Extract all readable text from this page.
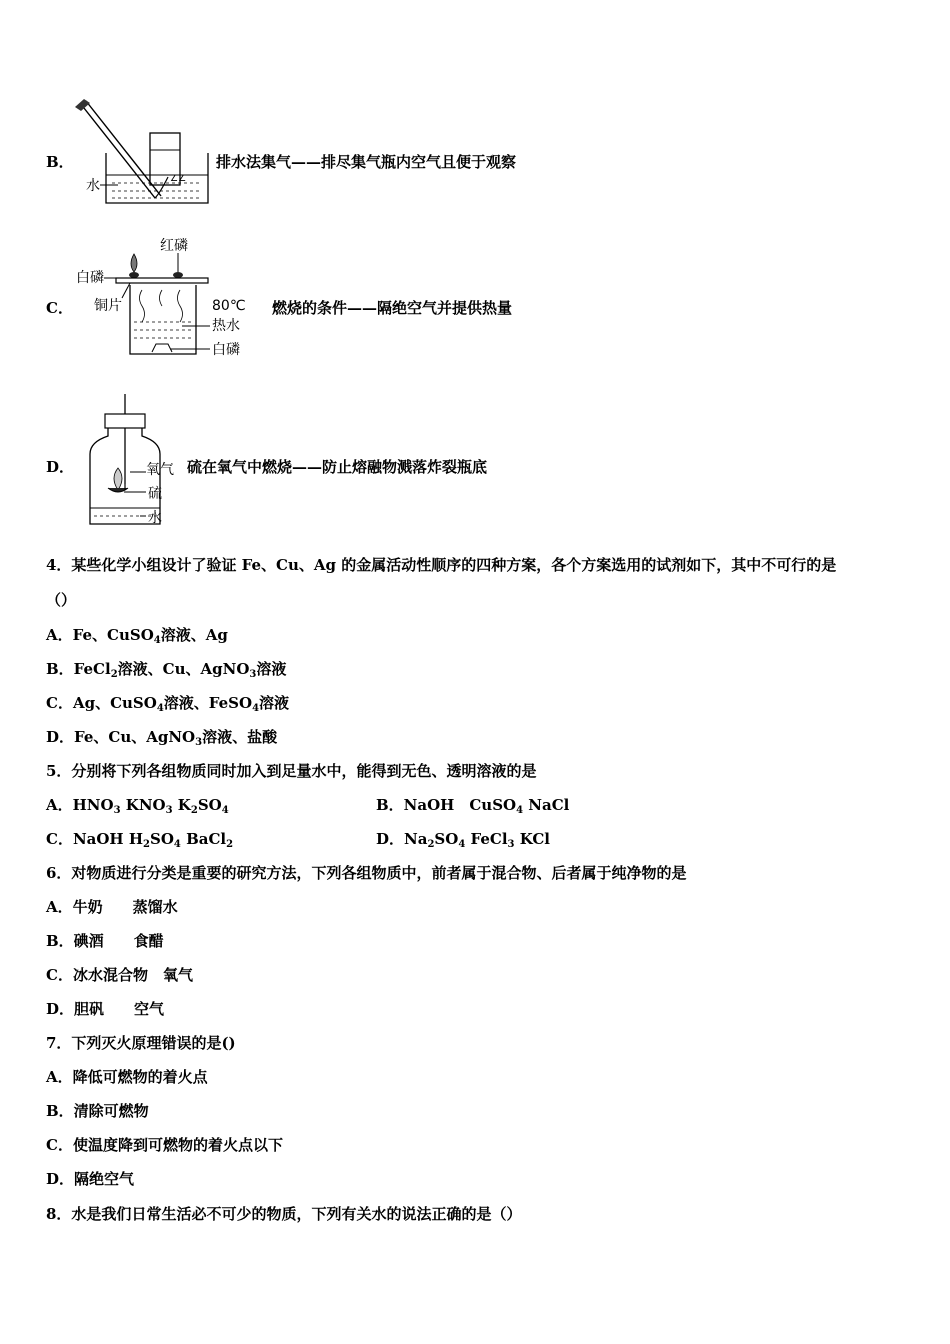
B．
∠∠
水
排水法集气——排尽集气瓶内空气且便于观察
C．
红磷
白磷
铜片	80℃
热水
白磷
燃烧的条件——隔绝空气并提供热量
D．	氧气
硫
水
硫在氧气中燃烧——防止熔融物溅落炸裂瓶底
4．某些化学小组设计了验证 Fe、Cu、Ag 的金属活动性顺序的四种方案，各个方案选用的试剂如下，其中不可行的是
（）
A．Fe、CuSO$_4$溶液、Ag
B．FeCl$_2$溶液、Cu、AgNO$_3$溶液
C．Ag、CuSO$_4$溶液、FeSO$_4$溶液
D．Fe、Cu、AgNO$_3$溶液、盐酸
5．分别将下列各组物质同时加入到足量水中，能得到无色、透明溶液的是
A．$HNO_3$ $KNO_3$ $K_2SO_4$	B．NaOH　CuSO$_4$ NaCl
C．NaOH $H_2SO_4$ BaCl$_2$	D．$Na_2SO_4$ FeCl$_3$ KCl
6．对物质进行分类是重要的研究方法，下列各组物质中，前者属于混合物、后者属于纯净物的是
A．牛奶　　蒸馏水
B．碘酒　　食醋
C．冰水混合物　氧气
D．胆矾　　空气
7．下列灭火原理错误的是()
A．降低可燃物的着火点
B．清除可燃物
C．使温度降到可燃物的着火点以下
D．隔绝空气
8．水是我们日常生活必不可少的物质，下列有关水的说法正确的是（）
